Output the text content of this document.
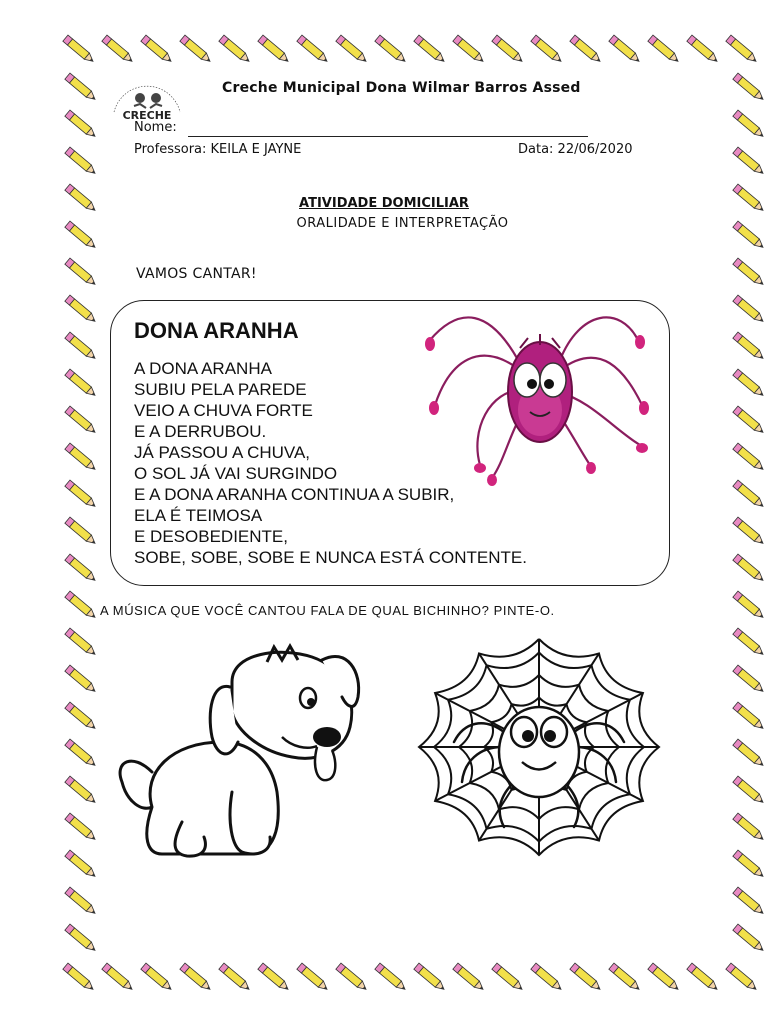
CRECHE
Creche Municipal Dona Wilmar Barros Assed
Nome:
Professora: KEILA E JAYNE	Data: 22/06/2020
ATIVIDADE DOMICILIAR
ORALIDADE E INTERPRETAÇÃO
VAMOS CANTAR!
DONA ARANHA
A DONA ARANHA
SUBIU PELA PAREDE
VEIO A CHUVA FORTE
E A DERRUBOU.
JÁ PASSOU A CHUVA,
O SOL JÁ VAI SURGINDO
E A DONA ARANHA CONTINUA A SUBIR,
ELA É TEIMOSA
E DESOBEDIENTE,
SOBE, SOBE, SOBE E NUNCA ESTÁ CONTENTE.
A MÚSICA QUE VOCÊ CANTOU FALA DE QUAL BICHINHO? PINTE-O.
